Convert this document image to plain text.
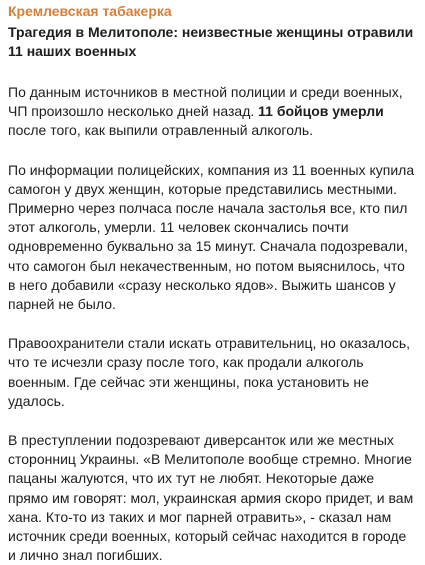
Кремлевская табакерка
Трагедия в Мелитополе: неизвестные женщины отравили 11 наших военных
По данным источников в местной полиции и среди военных, ЧП произошло несколько дней назад. 11 бойцов умерли после того, как выпили отравленный алкоголь.
По информации полицейских, компания из 11 военных купила самогон у двух женщин, которые представились местными. Примерно через полчаса после начала застолья все, кто пил этот алкоголь, умерли. 11 человек скончались почти одновременно буквально за 15 минут. Сначала подозревали, что самогон был некачественным, но потом выяснилось, что в него добавили «сразу несколько ядов». Выжить шансов у парней не было.
Правоохранители стали искать отравительниц, но оказалось, что те исчезли сразу после того, как продали алкоголь военным. Где сейчас эти женщины, пока установить не удалось.
В преступлении подозревают диверсанток или же местных сторонниц Украины. «В Мелитополе вообще стремно. Многие пацаны жалуются, что их тут не любят. Некоторые даже прямо им говорят: мол, украинская армия скоро придет, и вам хана. Кто-то из таких и мог парней отравить», - сказал нам источник среди военных, который сейчас находится в городе и лично знал погибших.
